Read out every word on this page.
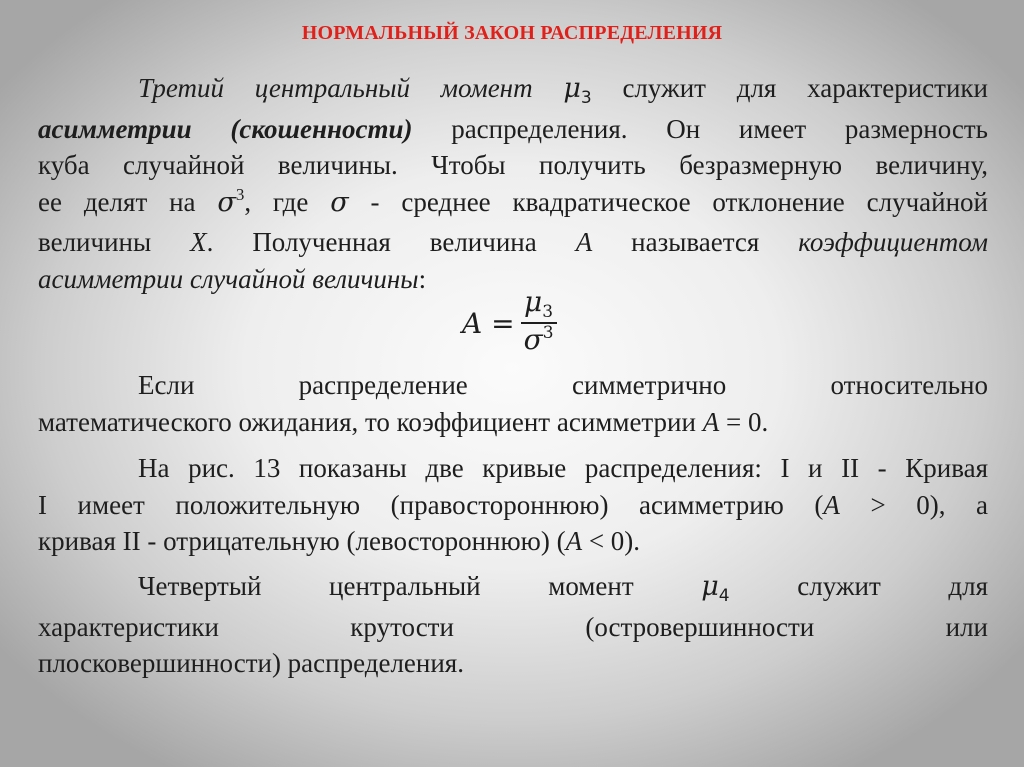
НОРМАЛЬНЫЙ ЗАКОН РАСПРЕДЕЛЕНИЯ
Третий центральный момент $\mu_3$ служит для характеристики
асимметрии (скошенности) распределения. Он имеет размерность
куба случайной величины. Чтобы получить безразмерную величину,
ее делят на $\sigma^3$, где σ - среднее квадратическое отклонение случайной
величины X. Полученная величина A называется коэффициентом
асимметрии случайной величины:
$A = \frac{\mu_3}{\sigma^3}$
Если распределение симметрично относительно
математического ожидания, то коэффициент асимметрии A = 0.
На рис. 13 показаны две кривые распределения: I и II - Кривая
I имеет положительную (правостороннюю) асимметрию (A > 0), а
кривая II - отрицательную (левостороннюю) (A < 0).
Четвертый центральный момент $\mu_4$ служит для
характеристики крутости (островершинности или
плосковершинности) распределения.
